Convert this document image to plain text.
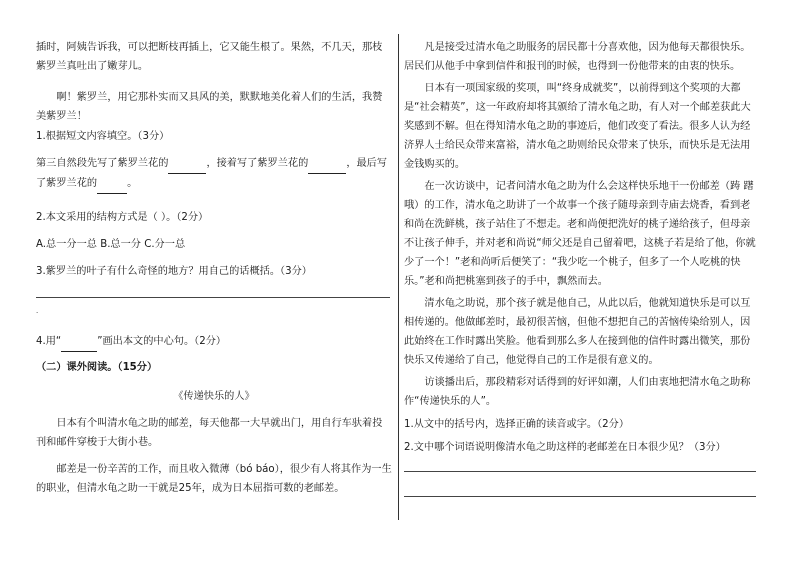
插时，阿姨告诉我，可以把断枝再插上，它又能生根了。果然，不几天，那枝紫罗兰真吐出了嫩芽儿。

啊！紫罗兰，用它那朴实而又具风的美，默默地美化着人们的生活，我赞美紫罗兰！

1.根据短文内容填空。（3分）

第三自然段先写了紫罗兰花的	，接着写了紫罗兰花的	，最后写了紫罗兰花的	。

2.本文采用的结构方式是（ ）。（2分）

A.总一分一总 B.总一分 C.分一总

3.紫罗兰的叶子有什么奇怪的地方？用自己的话概括。（3分）

.

4.用“	”画出本文的中心句。（2分）

（二）课外阅读。（15分）

《传递快乐的人》

日本有个叫清水龟之助的邮差，每天他都一大早就出门，用自行车驮着投刊和邮件穿梭于大街小巷。

邮差是一份辛苦的工作，而且收入微薄（bó báo），很少有人将其作为一生的职业，但清水龟之助一干就是25年，成为日本屈指可数的老邮差。

凡是接受过清水龟之助服务的居民都十分喜欢他，因为他每天都很快乐。居民们从他手中拿到信件和报刊的时候，也得到一份他带来的由衷的快乐。

日本有一项国家级的奖项，叫“终身成就奖”，以前得到这个奖项的大都是“社会精英”，这一年政府却将其颁给了清水龟之助，有人对一个邮差获此大奖感到不解。但在得知清水龟之助的事迹后，他们改变了看法。很多人认为经济界人士给民众带来富裕，清水龟之助则给民众带来了快乐，而快乐是无法用金钱购买的。

在一次访谈中，记者问清水龟之助为什么会这样快乐地干一份邮差（踌 躇 哦）的工作，清水龟之助讲了一个故事一个孩子随母亲到寺庙去烧香，看到老和尚在洗鲜桃，孩子站住了不想走。老和尚便把洗好的桃子递给孩子，但母亲不让孩子伸手，并对老和尚说“师父还是自己留着吧，这桃子若是给了他，你就少了一个！”老和尚听后便笑了：“我少吃一个桃子，但多了一个人吃桃的快乐。”老和尚把桃塞到孩子的手中，飘然而去。

清水龟之助说，那个孩子就是他自己，从此以后，他就知道快乐是可以互相传递的。他做邮差时，最初很苦恼，但他不想把自己的苦恼传染给别人，因此始终在工作时露出笑脸。他看到那么多人在接到他的信件时露出微笑，那份快乐又传递给了自己，他觉得自己的工作是很有意义的。

访谈播出后，那段精彩对话得到的好评如潮，人们由衷地把清水龟之助称作“传递快乐的人”。

1.从文中的括号内，选择正确的读音或字。（2分）

2.文中哪个词语说明像清水龟之助这样的老邮差在日本很少见？（3分）
